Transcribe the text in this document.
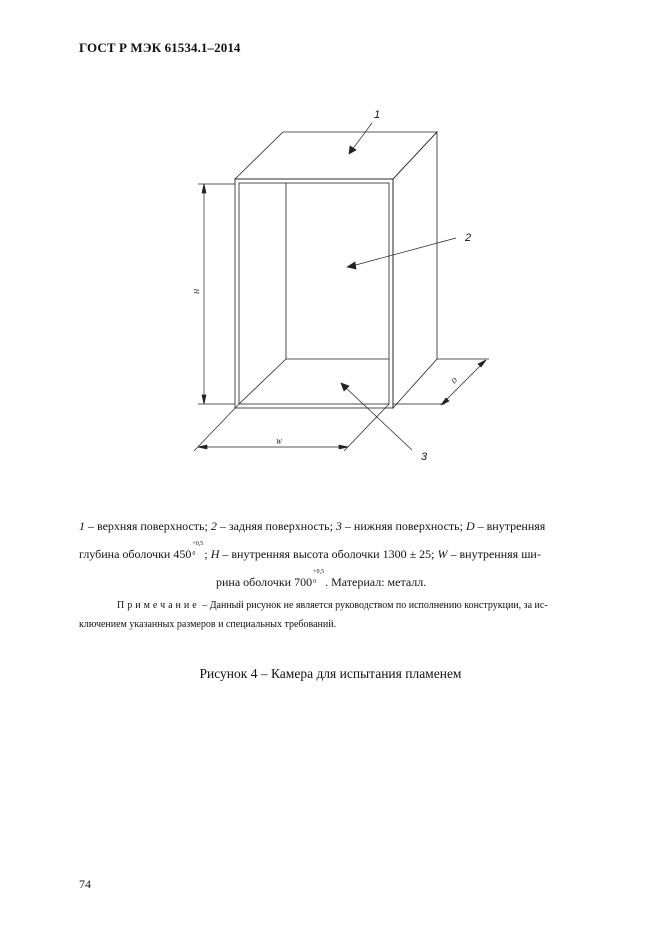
ГОСТ Р МЭК 61534.1–2014
H
D
W
1
2
3
1 – верхняя поверхность; 2 – задняя поверхность; 3 – нижняя поверхность; D – внутренняя
глубина оболочки 450
+0,5
0 ; H – внутренняя высота оболочки 1300 ± 25; W – внутренняя ши-
рина оболочки 700
+0,5
0 . Материал: металл.
Примечание – Данный рисунок не является руководством по исполнению конструкции, за ис-
ключением указанных размеров и специальных требований.
Рисунок 4 – Камера для испытания пламенем
74
